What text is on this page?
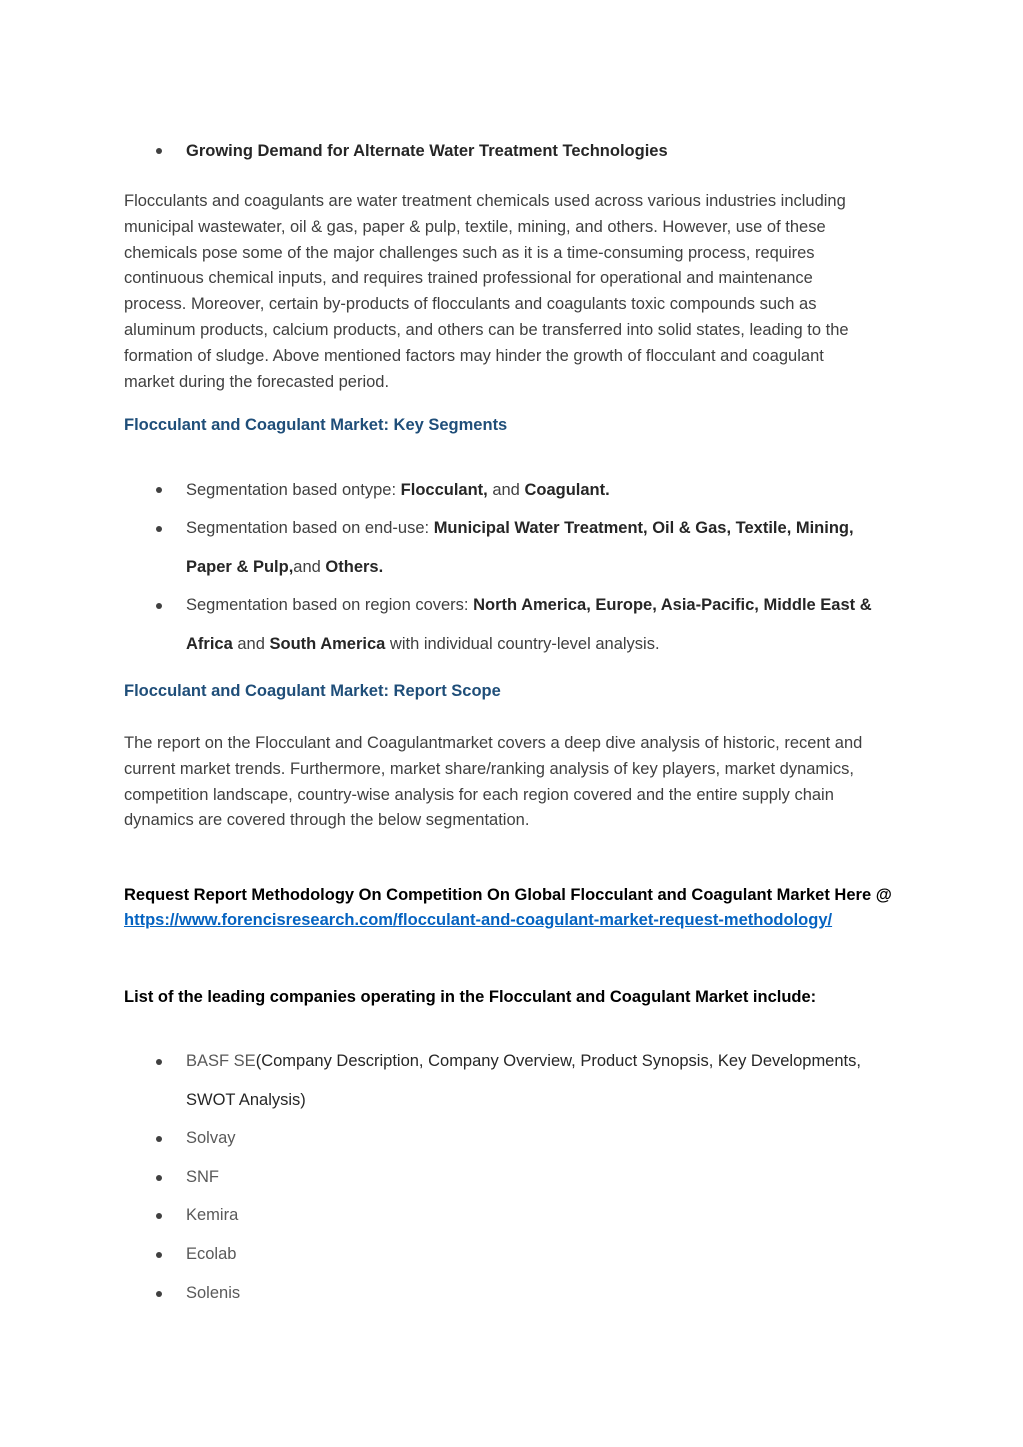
Growing Demand for Alternate Water Treatment Technologies
Flocculants and coagulants are water treatment chemicals used across various industries including
municipal wastewater, oil & gas, paper & pulp, textile, mining, and others. However, use of these
chemicals pose some of the major challenges such as it is a time-consuming process, requires
continuous chemical inputs, and requires trained professional for operational and maintenance
process. Moreover, certain by-products of flocculants and coagulants toxic compounds such as
aluminum products, calcium products, and others can be transferred into solid states, leading to the
formation of sludge. Above mentioned factors may hinder the growth of flocculant and coagulant
market during the forecasted period.
Flocculant and Coagulant Market: Key Segments
Segmentation based ontype: Flocculant, and Coagulant.
Segmentation based on end-use: Municipal Water Treatment, Oil & Gas, Textile, Mining,
Paper & Pulp,and Others.
Segmentation based on region covers: North America, Europe, Asia-Pacific, Middle East &
Africa and South America with individual country-level analysis.
Flocculant and Coagulant Market: Report Scope
The report on the Flocculant and Coagulantmarket covers a deep dive analysis of historic, recent and
current market trends. Furthermore, market share/ranking analysis of key players, market dynamics,
competition landscape, country-wise analysis for each region covered and the entire supply chain
dynamics are covered through the below segmentation.
Request Report Methodology On Competition On Global Flocculant and Coagulant Market Here @
https://www.forencisresearch.com/flocculant-and-coagulant-market-request-methodology/
List of the leading companies operating in the Flocculant and Coagulant Market include:
BASF SE(Company Description, Company Overview, Product Synopsis, Key Developments,
SWOT Analysis)
Solvay
SNF
Kemira
Ecolab
Solenis
